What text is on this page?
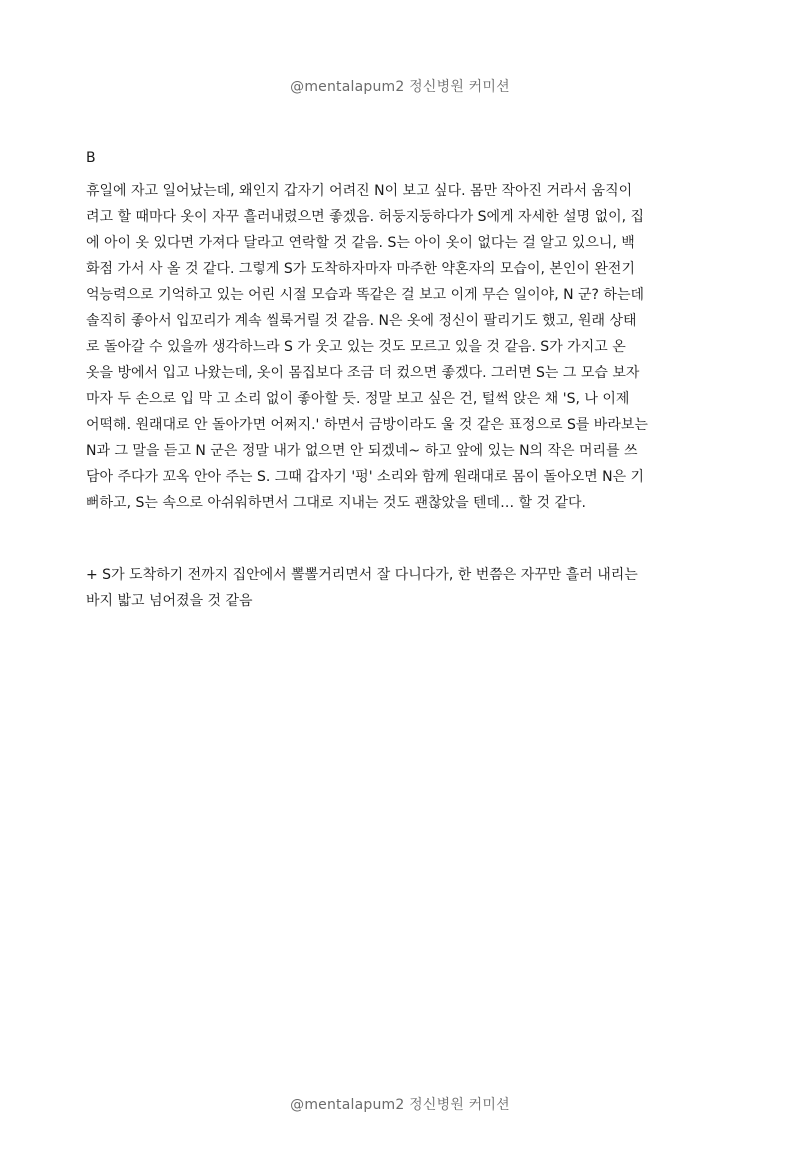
@mentalapum2 정신병원 커미션
B
휴일에 자고 일어났는데, 왜인지 갑자기 어려진 N이 보고 싶다. 몸만 작아진 거라서 움직이
려고 할 때마다 옷이 자꾸 흘러내렸으면 좋겠음. 허둥지둥하다가 S에게 자세한 설명 없이, 집
에 아이 옷 있다면 가져다 달라고 연락할 것 같음. S는 아이 옷이 없다는 걸 알고 있으니, 백
화점 가서 사 올 것 같다. 그렇게 S가 도착하자마자 마주한 약혼자의 모습이, 본인이 완전기
억능력으로 기억하고 있는 어린 시절 모습과 똑같은 걸 보고 이게 무슨 일이야, N 군? 하는데
솔직히 좋아서 입꼬리가 계속 씰룩거릴 것 같음. N은 옷에 정신이 팔리기도 했고, 원래 상태
로 돌아갈 수 있을까 생각하느라 S 가 웃고 있는 것도 모르고 있을 것 같음. S가 가지고 온
옷을 방에서 입고 나왔는데, 옷이 몸집보다 조금 더 컸으면 좋겠다. 그러면 S는 그 모습 보자
마자 두 손으로 입 막 고 소리 없이 좋아할 듯. 정말 보고 싶은 건, 털썩 앉은 채 'S, 나 이제
어떡해. 원래대로 안 돌아가면 어쩌지.' 하면서 금방이라도 울 것 같은 표정으로 S를 바라보는
N과 그 말을 듣고 N 군은 정말 내가 없으면 안 되겠네~ 하고 앞에 있는 N의 작은 머리를 쓰
담아 주다가 꼬옥 안아 주는 S. 그때 갑자기 '펑' 소리와 함께 원래대로 몸이 돌아오면 N은 기
뻐하고, S는 속으로 아쉬워하면서 그대로 지내는 것도 괜찮았을 텐데… 할 것 같다.
+ S가 도착하기 전까지 집안에서 뽈뽈거리면서 잘 다니다가, 한 번쯤은 자꾸만 흘러 내리는
바지 밟고 넘어졌을 것 같음
@mentalapum2 정신병원 커미션
